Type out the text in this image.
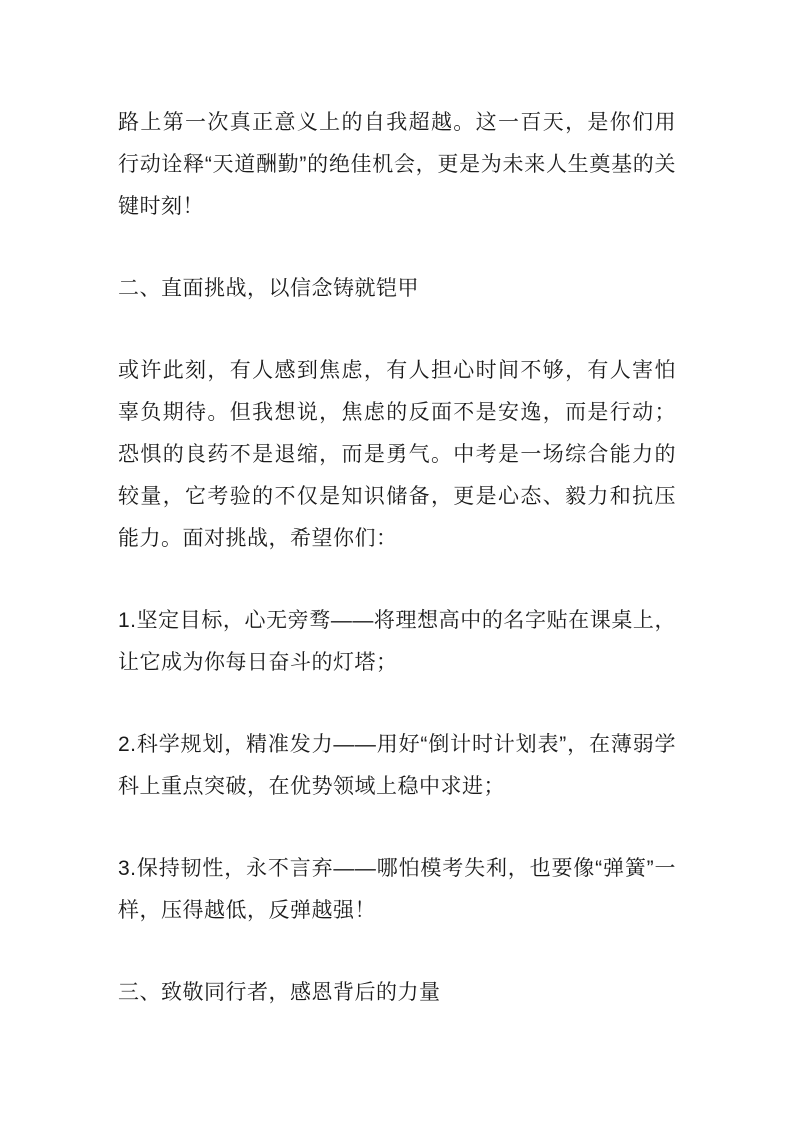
路上第一次真正意义上的自我超越。这一百天，是你们用行动诠释“天道酬勤”的绝佳机会，更是为未来人生奠基的关键时刻！

二、直面挑战，以信念铸就铠甲

或许此刻，有人感到焦虑，有人担心时间不够，有人害怕辜负期待。但我想说，焦虑的反面不是安逸，而是行动；恐惧的良药不是退缩，而是勇气。中考是一场综合能力的较量，它考验的不仅是知识储备，更是心态、毅力和抗压能力。面对挑战，希望你们：

1.坚定目标，心无旁骛——将理想高中的名字贴在课桌上，让它成为你每日奋斗的灯塔；

2.科学规划，精准发力——用好“倒计时计划表”，在薄弱学科上重点突破，在优势领域上稳中求进；

3.保持韧性，永不言弃——哪怕模考失利，也要像“弹簧”一样，压得越低，反弹越强！

三、致敬同行者，感恩背后的力量
